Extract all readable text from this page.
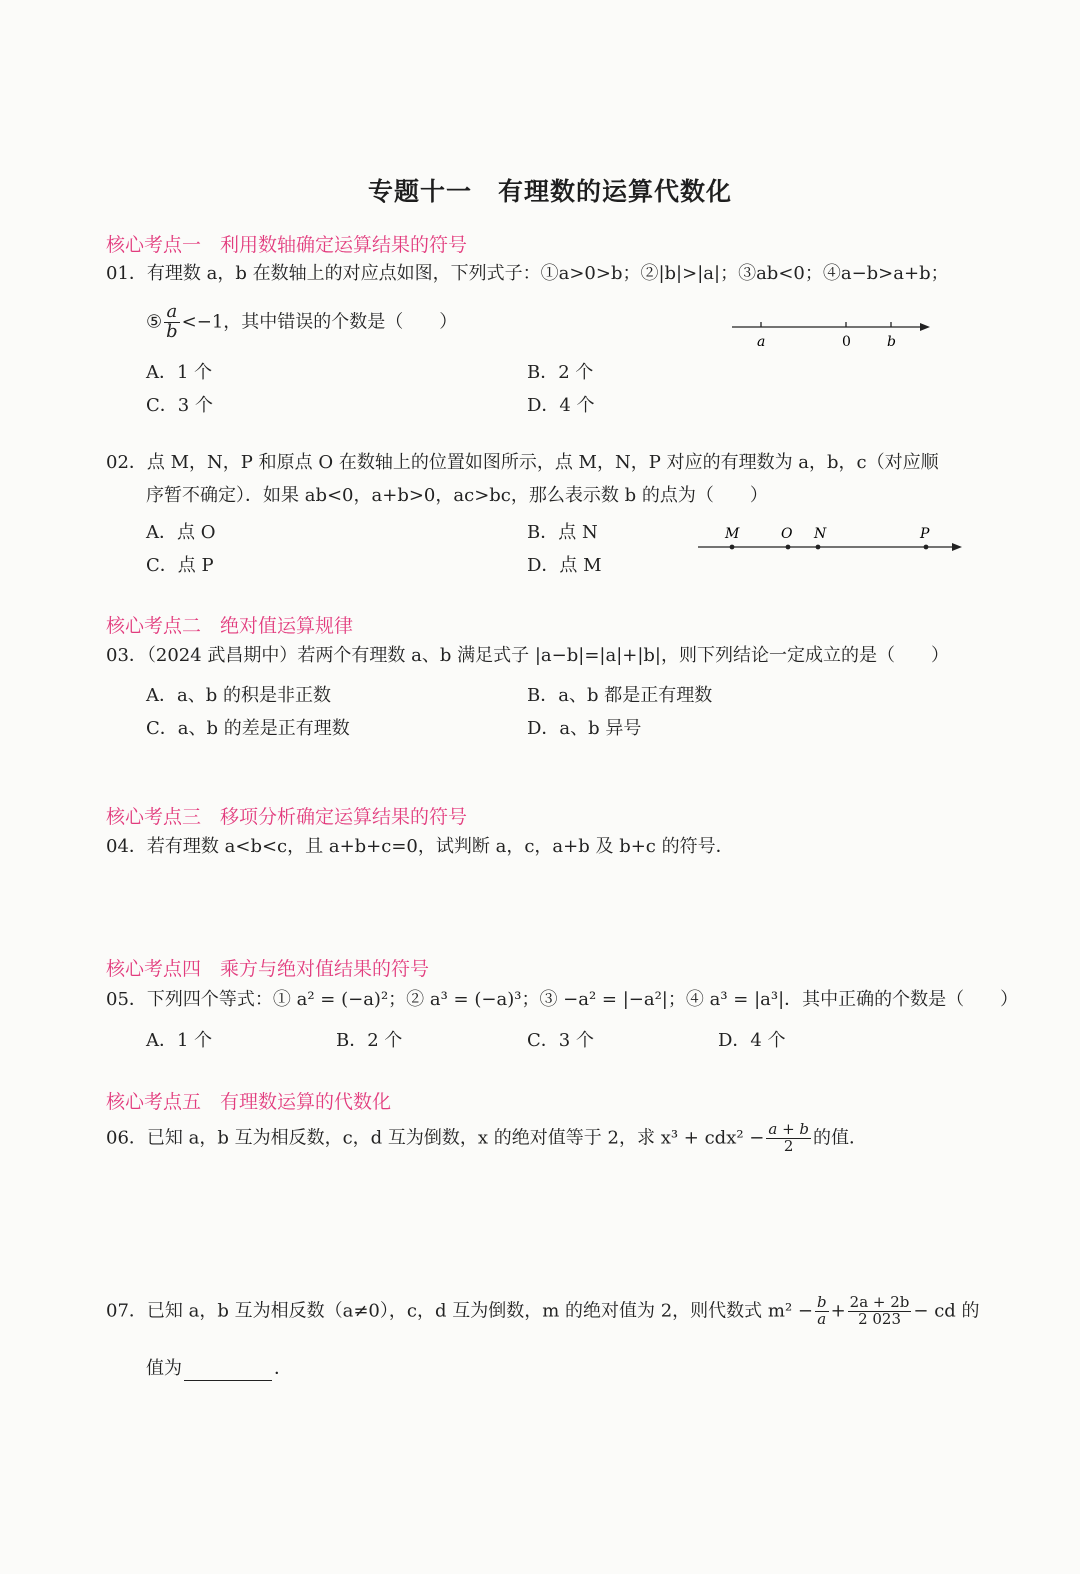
专题十一　有理数的运算代数化
核心考点一　利用数轴确定运算结果的符号
01．有理数 a，b 在数轴上的对应点如图，下列式子：①a>0>b；②|b|>|a|；③ab<0；④a−b>a+b；
⑤ $\frac{a}{b} <-1$，其中错误的个数是（　　）
a	0	b
A．1 个	B．2 个
C．3 个	D．4 个
02．点 M，N，P 和原点 O 在数轴上的位置如图所示，点 M，N，P 对应的有理数为 a，b，c（对应顺
序暂不确定）．如果 ab<0，a+b>0，ac>bc，那么表示数 b 的点为（　　）
A．点 O	B．点 N
C．点 P	D．点 M
M	O N	P
核心考点二　绝对值运算规律
03．（2024 武昌期中）若两个有理数 a、b 满足式子 |a−b|=|a|+|b|，则下列结论一定成立的是（　　）
A．a、b 的积是非正数	B．a、b 都是正有理数
C．a、b 的差是正有理数	D．a、b 异号
核心考点三　移项分析确定运算结果的符号
04．若有理数 a<b<c，且 a+b+c=0，试判断 a，c，a+b 及 b+c 的符号．
核心考点四　乘方与绝对值结果的符号
05．下列四个等式：① a² = (−a)²；② a³ = (−a)³；③ −a² = |−a²|；④ a³ = |a³|．其中正确的个数是（　　）
A．1 个	B．2 个	C．3 个	D．4 个
核心考点五　有理数运算的代数化
06．已知 a，b 互为相反数，c，d 互为倒数，x 的绝对值等于 2，求 $x^3 + cdx^2 - \frac{a + b}{2}$ 的值．
07．已知 a，b 互为相反数（a≠0），c，d 互为倒数，m 的绝对值为 2，则代数式 $m^2 - \frac{b}{a} + \frac{2a + 2b}{2 023}$ − cd 的
值为	．
